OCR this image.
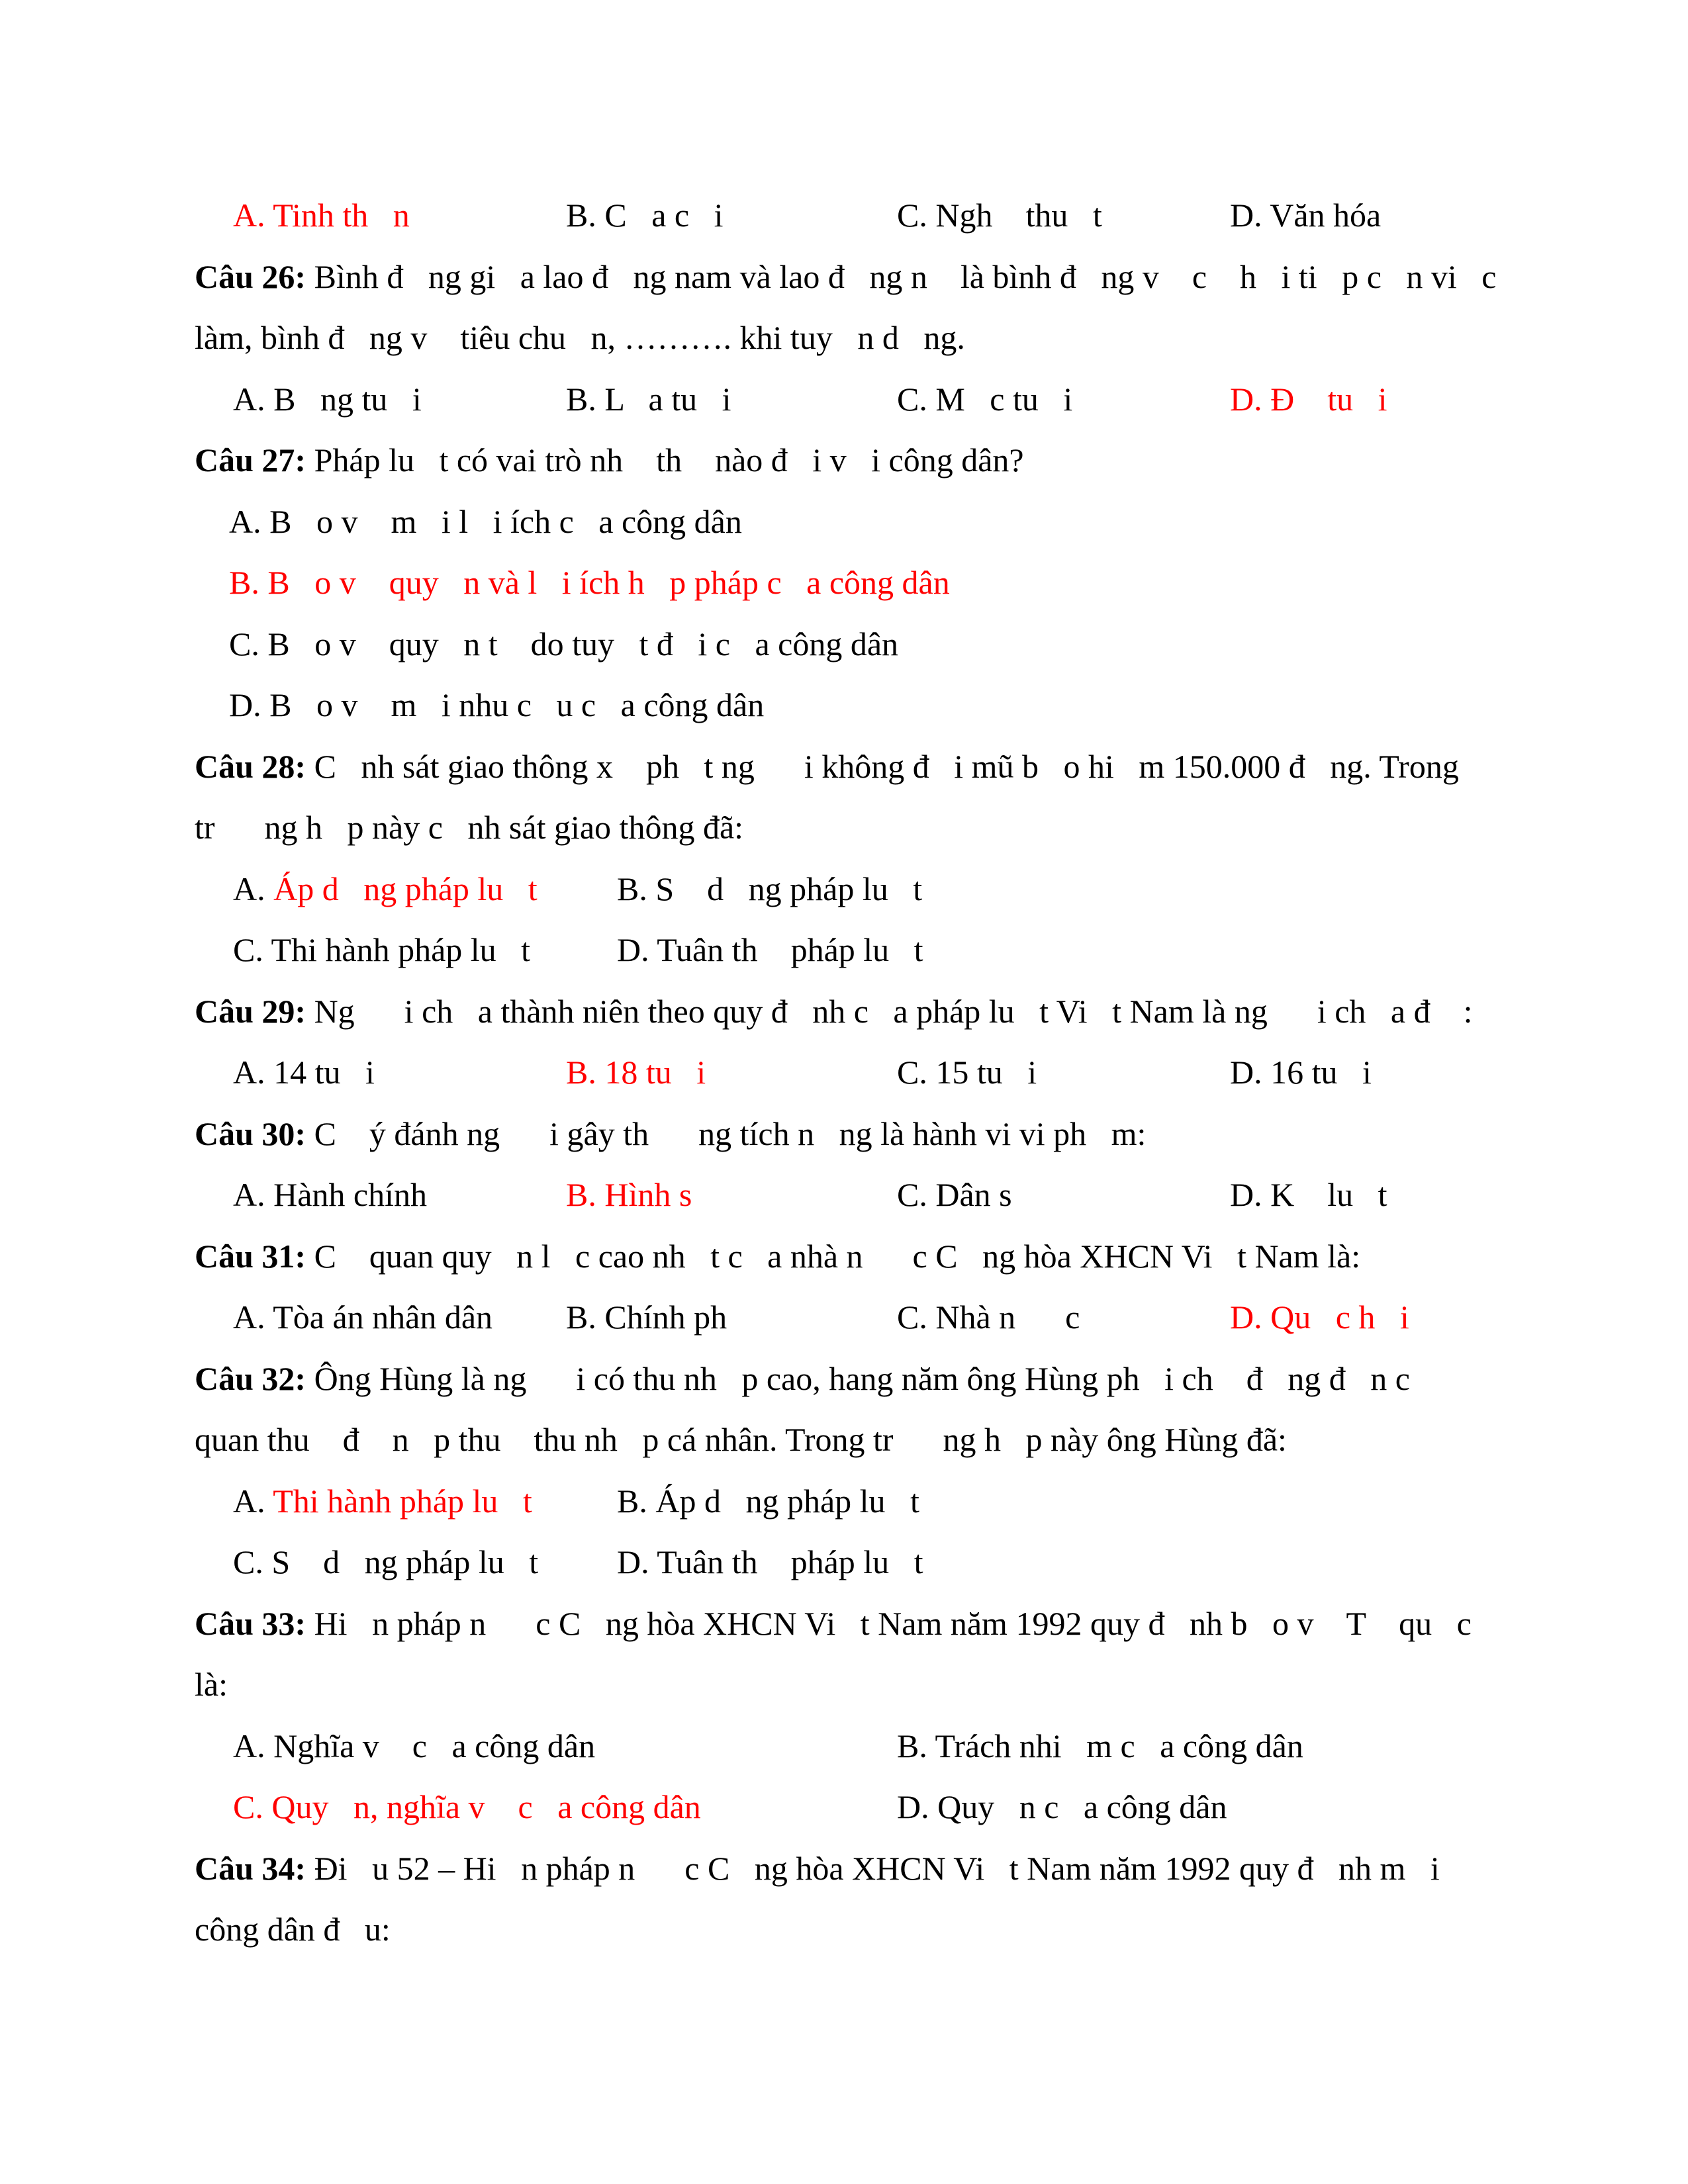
A. Tinh th   n	B. C   a c   i	C. Ngh    thu   t	D. Văn hóa
Câu 26: Bình đ   ng gi   a lao đ   ng nam và lao đ   ng n    là bình đ   ng v    c    h   i ti   p c   n vi   c
làm, bình đ   ng v    tiêu chu   n, ………. khi tuy   n d   ng.
A. B   ng tu   i	B. L   a tu   i	C. M   c tu   i	D. Đ    tu   i
Câu 27: Pháp lu   t có vai trò nh    th    nào đ   i v   i công dân?
A. B   o v    m   i l   i ích c   a công dân
B. B   o v    quy   n và l   i ích h   p pháp c   a công dân
C. B   o v    quy   n t    do tuy   t đ   i c   a công dân
D. B   o v    m   i nhu c   u c   a công dân
Câu 28: C   nh sát giao thông x    ph   t ng      i không đ   i mũ b   o hi   m 150.000 đ   ng. Trong
tr      ng h   p này c   nh sát giao thông đã:
A. Áp d   ng pháp lu   t B. S    d   ng pháp lu   t
C. Thi hành pháp lu   t	D. Tuân th    pháp lu   t
Câu 29: Ng      i ch   a thành niên theo quy đ   nh c   a pháp lu   t Vi   t Nam là ng      i ch   a đ    :
A. 14 tu   i	B. 18 tu   i	C. 15 tu   i	D. 16 tu   i
Câu 30: C    ý đánh ng      i gây th      ng tích n   ng là hành vi vi ph   m:
A. Hành chính	B. Hình s	C. Dân s	D. K    lu   t
Câu 31: C    quan quy   n l   c cao nh   t c   a nhà n      c C   ng hòa XHCN Vi   t Nam là:
A. Tòa án nhân dân B. Chính ph	C. Nhà n      c	D. Qu   c h   i
Câu 32: Ông Hùng là ng      i có thu nh   p cao, hang năm ông Hùng ph   i ch    đ   ng đ   n c
quan thu    đ    n   p thu    thu nh   p cá nhân. Trong tr      ng h   p này ông Hùng đã:
A. Thi hành pháp lu   t	B. Áp d   ng pháp lu   t
C. S    d   ng pháp lu   t D. Tuân th    pháp lu   t
Câu 33: Hi   n pháp n      c C   ng hòa XHCN Vi   t Nam năm 1992 quy đ   nh b   o v    T    qu   c
là:
A. Nghĩa v    c   a công dân	B. Trách nhi   m c   a công dân
C. Quy   n, nghĩa v    c   a công dân	D. Quy   n c   a công dân
Câu 34: Đi   u 52 – Hi   n pháp n      c C   ng hòa XHCN Vi   t Nam năm 1992 quy đ   nh m   i
công dân đ   u:
